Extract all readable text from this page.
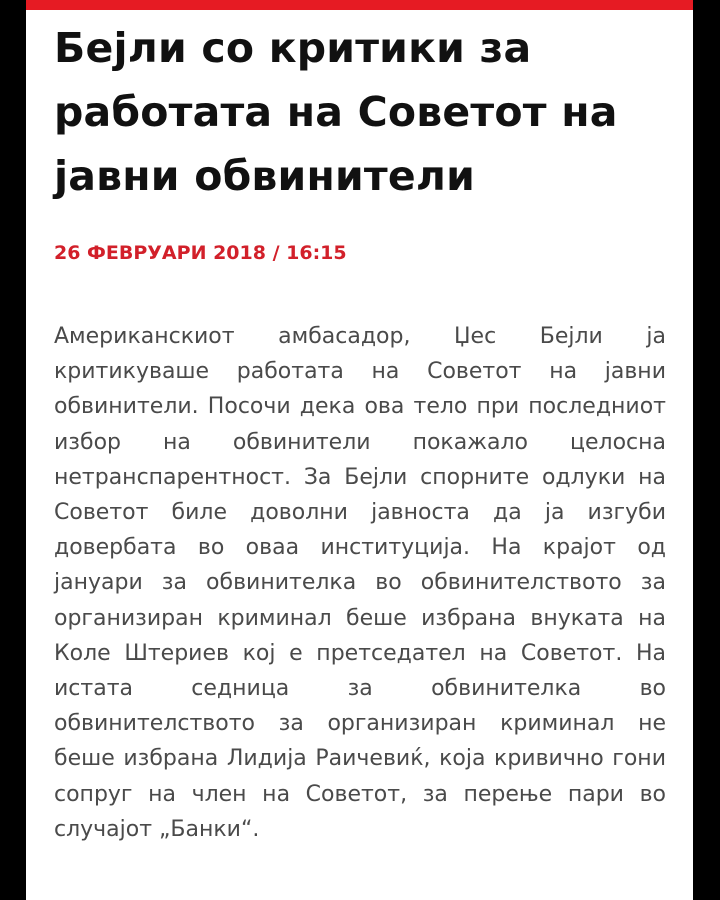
Бејли со критики за работата на Советот на јавни обвинители

26 ФЕВРУАРИ 2018 / 16:15

Американскиот амбасадор, Џес Бејли ја критикуваше работата на Советот на јавни обвинители. Посочи дека ова тело при последниот избор на обвинители покажало целосна нетранспарентност. За Бејли спорните одлуки на Советот биле доволни јавноста да ја изгуби довербата во оваа институција. На крајот од јануари за обвинителка во обвинителството за организиран криминал беше избрана внуката на Коле Штериев кој е претседател на Советот. На истата седница за обвинителка во обвинителството за организиран криминал не беше избрана Лидија Раичевиќ, која кривично гони сопруг на член на Советот, за перење пари во случајот „Банки“.
